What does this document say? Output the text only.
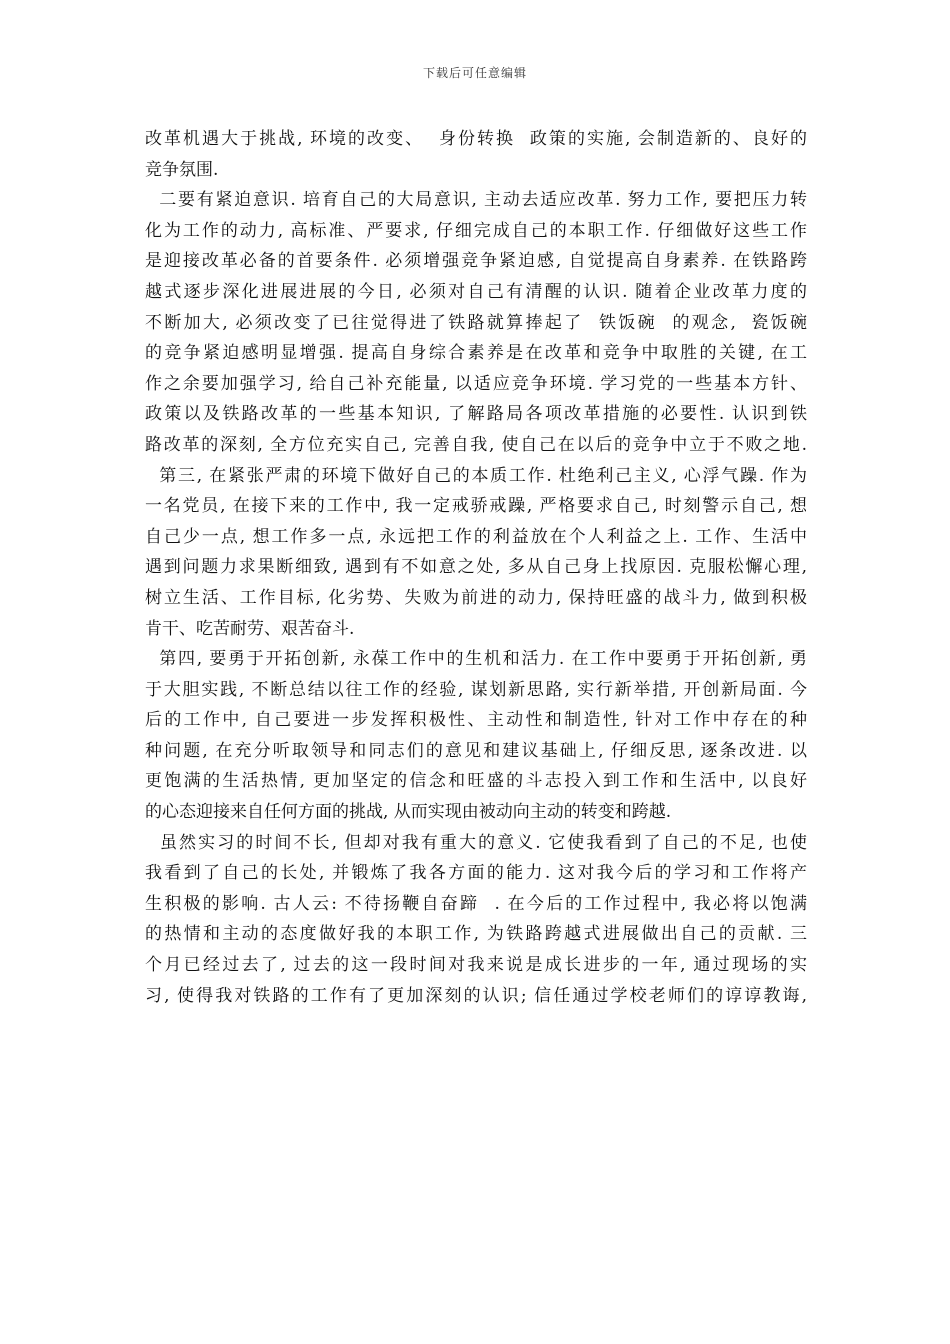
下载后可任意编辑
改革机遇大于挑战, 环境的改变、  身份转换  政策的实施, 会制造新的、良好的
竞争氛围.
二要有紧迫意识. 培育自己的大局意识, 主动去适应改革. 努力工作, 要把压力转
化为工作的动力, 高标准、严要求, 仔细完成自己的本职工作. 仔细做好这些工作
是迎接改革必备的首要条件. 必须增强竞争紧迫感, 自觉提高自身素养. 在铁路跨
越式逐步深化进展进展的今日, 必须对自己有清醒的认识. 随着企业改革力度的
不断加大, 必须改变了已往觉得进了铁路就算捧起了  铁饭碗  的观念,  瓷饭碗
的竞争紧迫感明显增强. 提高自身综合素养是在改革和竞争中取胜的关键, 在工
作之余要加强学习, 给自己补充能量, 以适应竞争环境. 学习党的一些基本方针、
政策以及铁路改革的一些基本知识, 了解路局各项改革措施的必要性. 认识到铁
路改革的深刻, 全方位充实自己, 完善自我, 使自己在以后的竞争中立于不败之地.
第三, 在紧张严肃的环境下做好自己的本质工作. 杜绝利己主义, 心浮气躁. 作为
一名党员, 在接下来的工作中, 我一定戒骄戒躁, 严格要求自己, 时刻警示自己, 想
自己少一点, 想工作多一点, 永远把工作的利益放在个人利益之上. 工作、生活中
遇到问题力求果断细致, 遇到有不如意之处, 多从自己身上找原因. 克服松懈心理,
树立生活、工作目标, 化劣势、失败为前进的动力, 保持旺盛的战斗力, 做到积极
肯干、吃苦耐劳、艰苦奋斗.
第四, 要勇于开拓创新, 永葆工作中的生机和活力. 在工作中要勇于开拓创新, 勇
于大胆实践, 不断总结以往工作的经验, 谋划新思路, 实行新举措, 开创新局面. 今
后的工作中, 自己要进一步发挥积极性、主动性和制造性, 针对工作中存在的种
种问题, 在充分听取领导和同志们的意见和建议基础上, 仔细反思, 逐条改进. 以
更饱满的生活热情, 更加坚定的信念和旺盛的斗志投入到工作和生活中, 以良好
的心态迎接来自任何方面的挑战, 从而实现由被动向主动的转变和跨越.
虽然实习的时间不长, 但却对我有重大的意义. 它使我看到了自己的不足, 也使
我看到了自己的长处, 并锻炼了我各方面的能力. 这对我今后的学习和工作将产
生积极的影响. 古人云: 不待扬鞭自奋蹄  . 在今后的工作过程中, 我必将以饱满
的热情和主动的态度做好我的本职工作, 为铁路跨越式进展做出自己的贡献. 三
个月已经过去了, 过去的这一段时间对我来说是成长进步的一年, 通过现场的实
习, 使得我对铁路的工作有了更加深刻的认识; 信任通过学校老师们的谆谆教诲,
